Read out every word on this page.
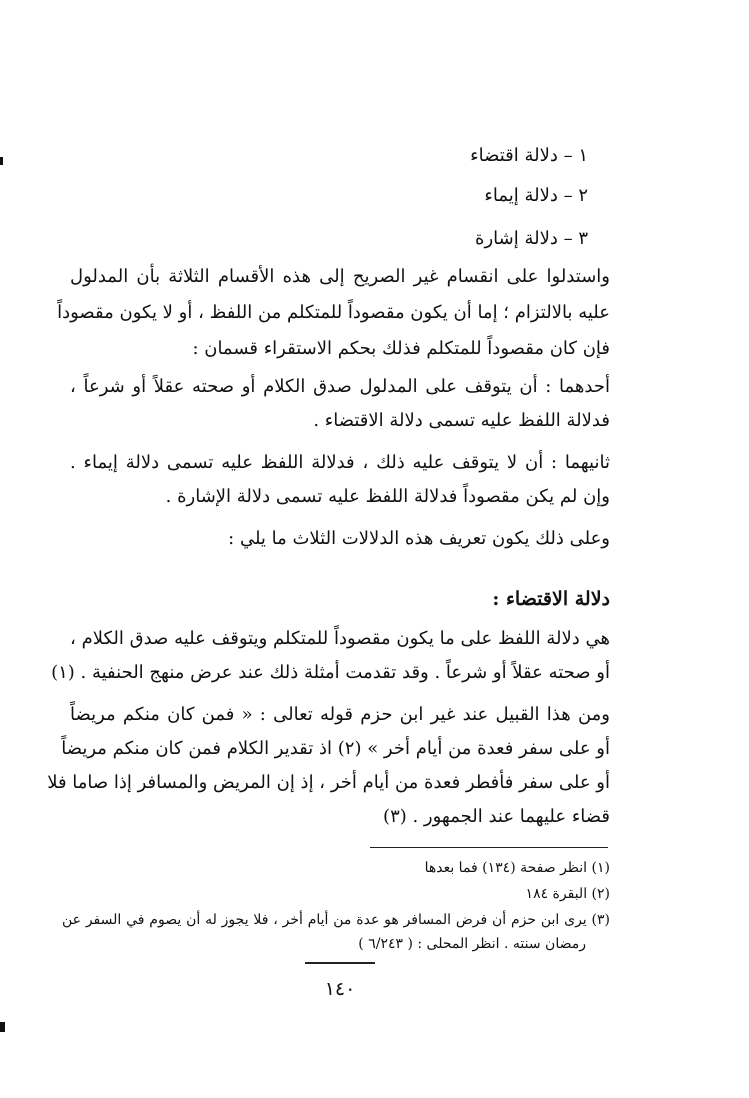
١ – دلالة اقتضاء
٢ – دلالة إيماء
٣ – دلالة إشارة
واستدلوا على انقسام غير الصريح إلى هذه الأقسام الثلاثة بأن المدلول
عليه بالالتزام ؛ إما أن يكون مقصوداً للمتكلم من اللفظ ، أو لا يكون مقصوداً
فإن كان مقصوداً للمتكلم فذلك بحكم الاستقراء قسمان :
أحدهما : أن يتوقف على المدلول صدق الكلام أو صحته عقلاً أو شرعاً ،
فدلالة اللفظ عليه تسمى دلالة الاقتضاء .
ثانيهما : أن لا يتوقف عليه ذلك ، فدلالة اللفظ عليه تسمى دلالة إيماء .
وإن لم يكن مقصوداً فدلالة اللفظ عليه تسمى دلالة الإشارة .
وعلى ذلك يكون تعريف هذه الدلالات الثلاث ما يلي :
دلالة الاقتضاء :
هي دلالة اللفظ على ما يكون مقصوداً للمتكلم ويتوقف عليه صدق الكلام ،
أو صحته عقلاً أو شرعاً . وقد تقدمت أمثلة ذلك عند عرض منهج الحنفية . (١)
ومن هذا القبيل عند غير ابن حزم قوله تعالى : « فمن كان منكم مريضاً
أو على سفر فعدة من أيام أخر » (٢) اذ تقدير الكلام فمن كان منكم مريضاً
أو على سفر فأفطر فعدة من أيام أخر ، إذ إن المريض والمسافر إذا صاما فلا
قضاء عليهما عند الجمهور . (٣)
(١) انظر صفحة (١٣٤) فما بعدها
(٢) البقرة ١٨٤
(٣) يرى ابن حزم أن فرض المسافر هو عدة من أيام أخر ، فلا يجوز له أن يصوم في السفر عن
رمضان سنته . انظر المحلى : ( ٦/٢٤٣ )
١٤٠
